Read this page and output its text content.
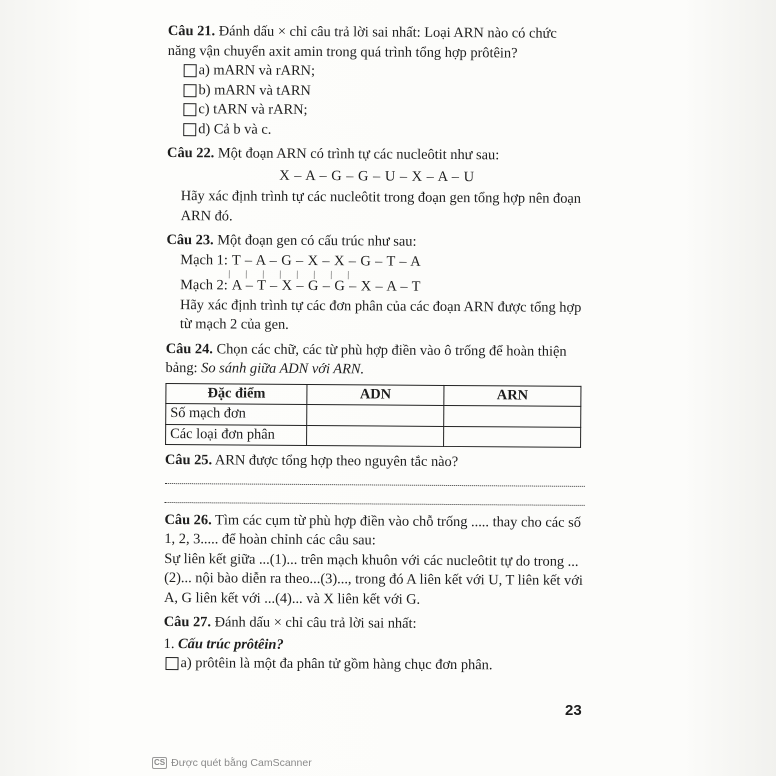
Câu 21. Đánh dấu × chỉ câu trả lời sai nhất: Loại ARN nào có chức năng vận chuyển axit amin trong quá trình tổng hợp prôtêin?
a) mARN và rARN;
b) mARN và tARN
c) tARN và rARN;
d) Cả b và c.
Câu 22. Một đoạn ARN có trình tự các nucleôtit như sau:
X – A – G – G – U – X – A – U
Hãy xác định trình tự các nucleôtit trong đoạn gen tổng hợp nên đoạn ARN đó.
Câu 23. Một đoạn gen có cấu trúc như sau:
Mạch 1: T – A – G – X – X – G – T – A
||||||||
Mạch 2: A – T – X – G – G – X – A – T
Hãy xác định trình tự các đơn phân của các đoạn ARN được tổng hợp từ mạch 2 của gen.
Câu 24. Chọn các chữ, các từ phù hợp điền vào ô trống để hoàn thiện bảng: So sánh giữa ADN với ARN.
Đặc điểm	ADN	ARN
Số mạch đơn		
Các loại đơn phân		
Câu 25. ARN được tổng hợp theo nguyên tắc nào?
Câu 26. Tìm các cụm từ phù hợp điền vào chỗ trống ..... thay cho các số 1, 2, 3..... để hoàn chỉnh các câu sau:
Sự liên kết giữa ...(1)... trên mạch khuôn với các nucleôtit tự do trong ...(2)... nội bào diễn ra theo...(3)..., trong đó A liên kết với U, T liên kết với A, G liên kết với ...(4)... và X liên kết với G.
Câu 27. Đánh dấu × chỉ câu trả lời sai nhất:
1. Cấu trúc prôtêin?
a) prôtêin là một đa phân tử gồm hàng chục đơn phân.
23
CS Được quét bằng CamScanner
